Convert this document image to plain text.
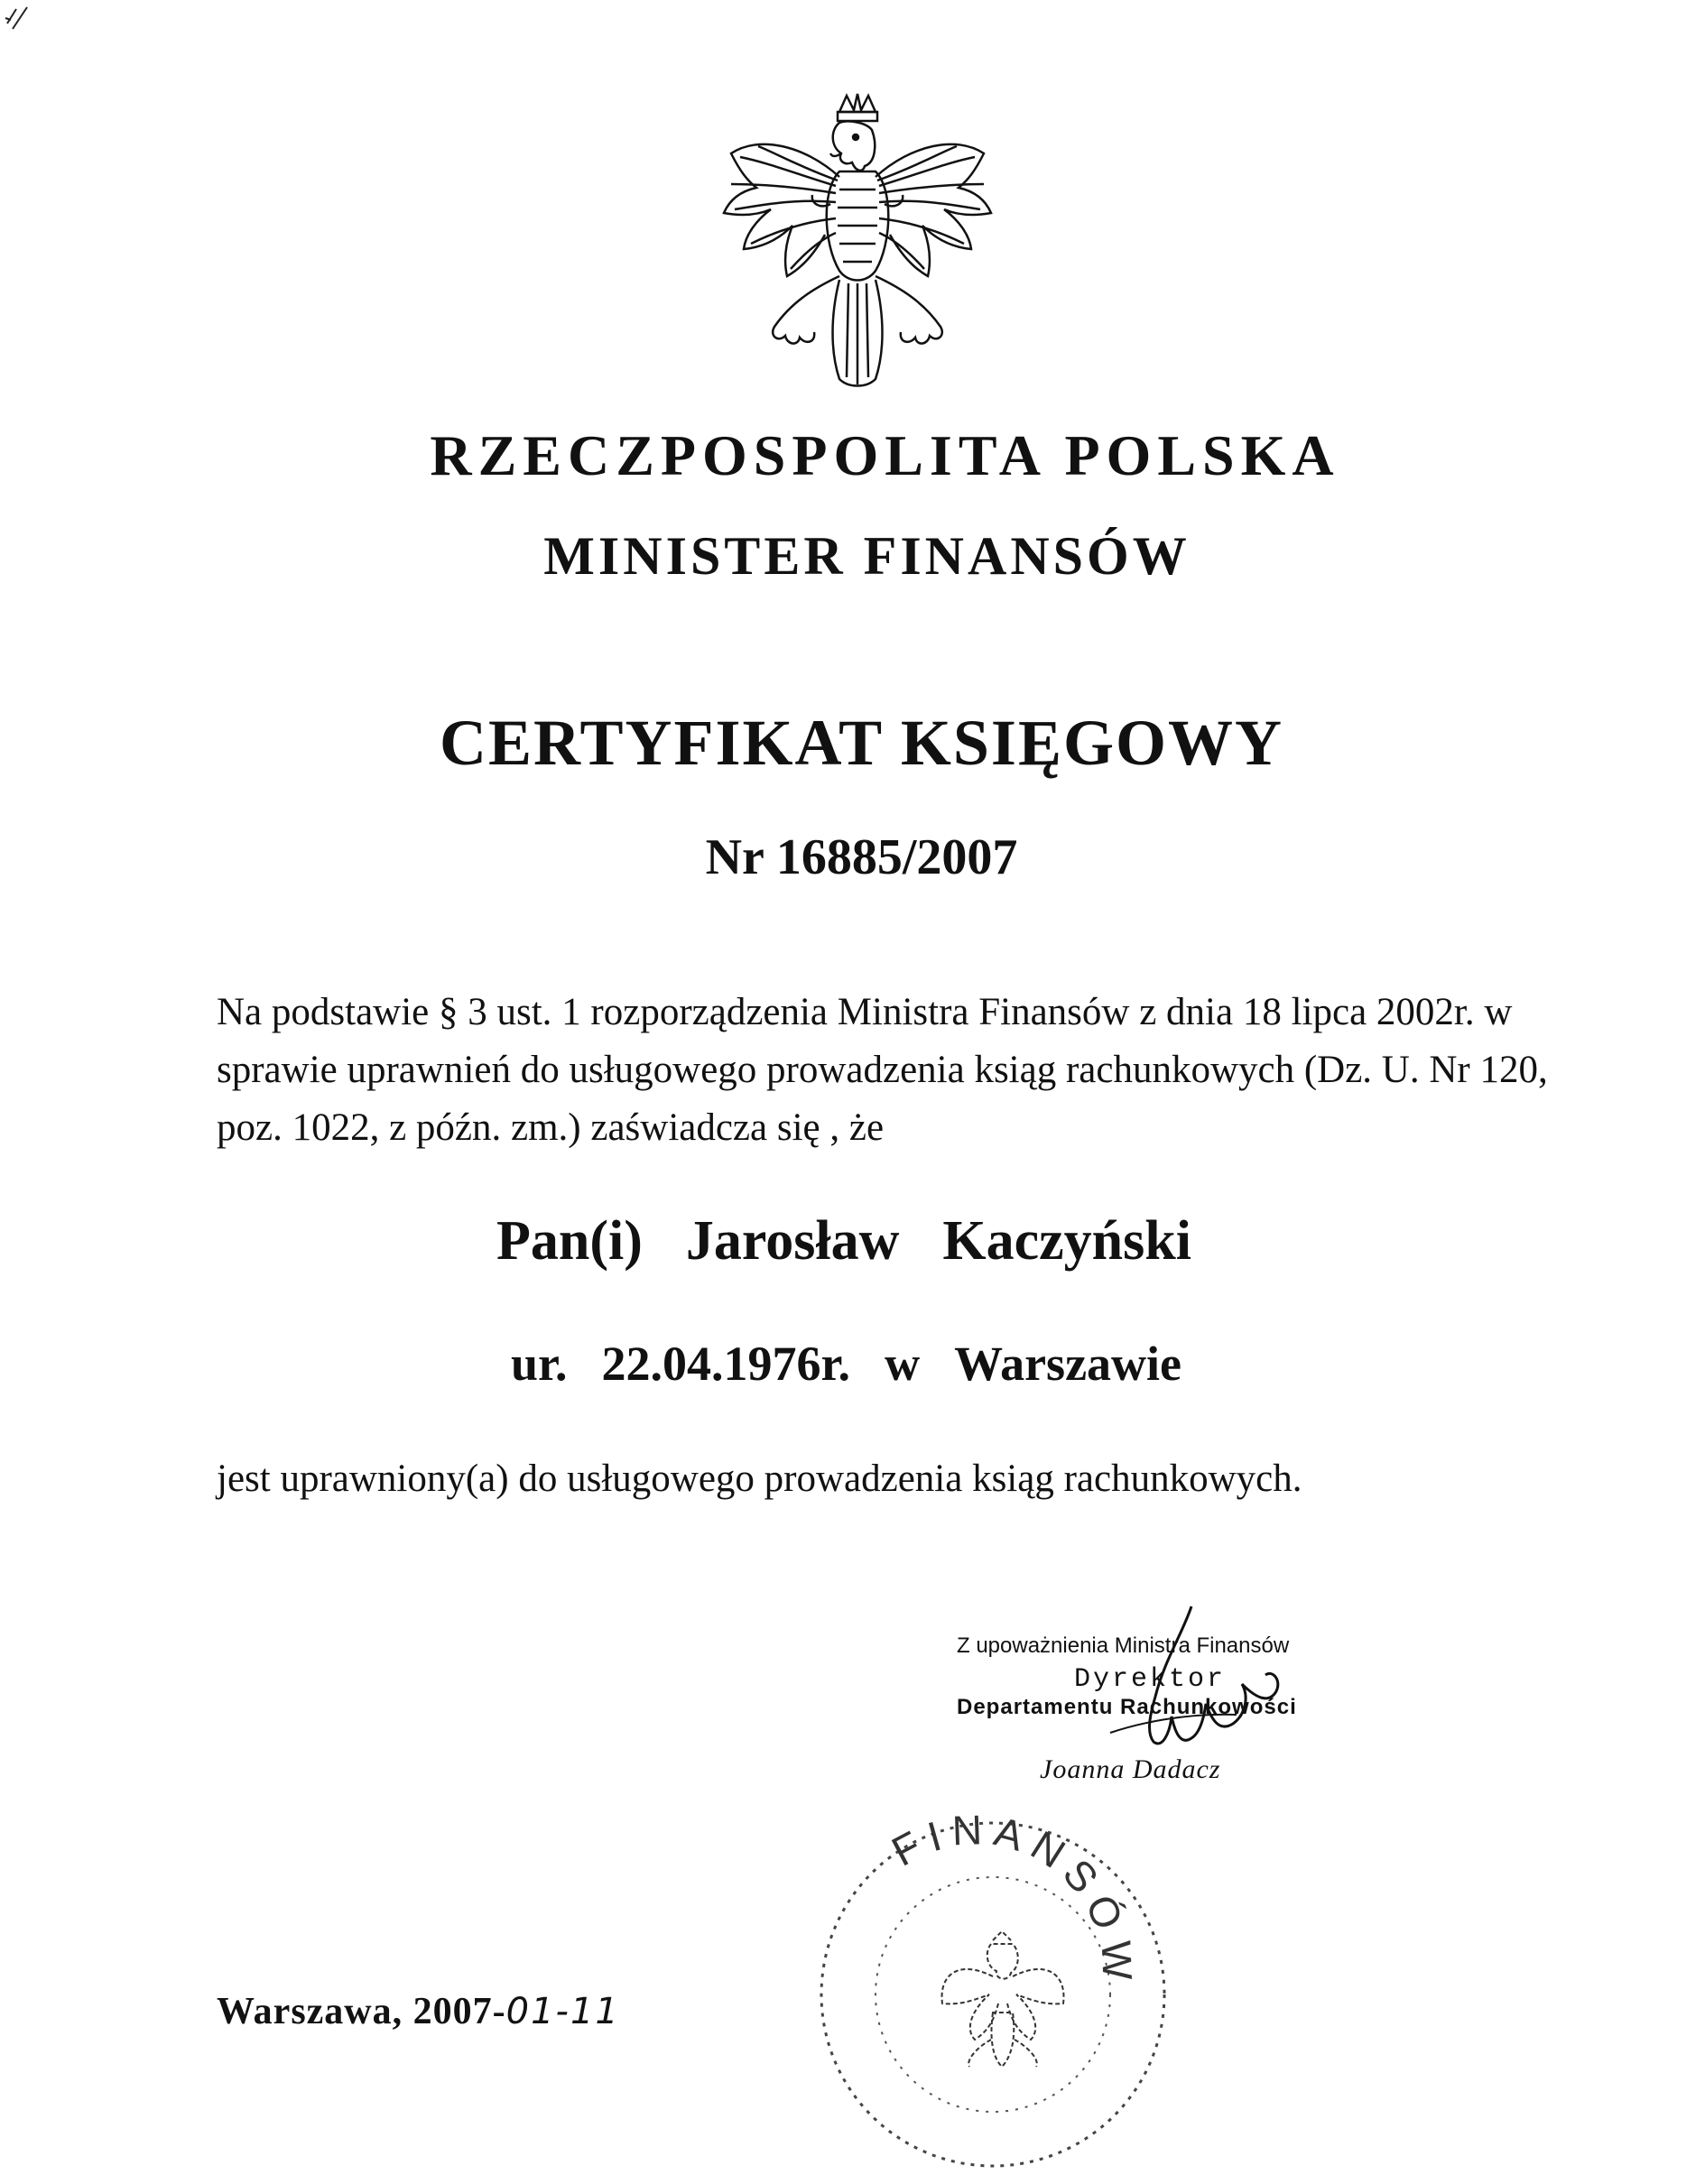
RZECZPOSPOLITA POLSKA
MINISTER FINANSÓW
CERTYFIKAT KSIĘGOWY
Nr 16885/2007
Na podstawie § 3 ust. 1 rozporządzenia Ministra Finansów z dnia 18 lipca 2002r. w
sprawie uprawnień do usługowego prowadzenia ksiąg rachunkowych (Dz. U. Nr 120,
poz. 1022, z późn. zm.) zaświadcza się , że
Pan(i) Jarosław Kaczyński
ur. 22.04.1976r. w Warszawie
jest uprawniony(a) do usługowego prowadzenia ksiąg rachunkowych.
Z upoważnienia Ministra Finansów
Dyrektor
Departamentu Rachunkowości
Joanna Dadacz
FINANSÓW
Warszawa, 2007-01-11
